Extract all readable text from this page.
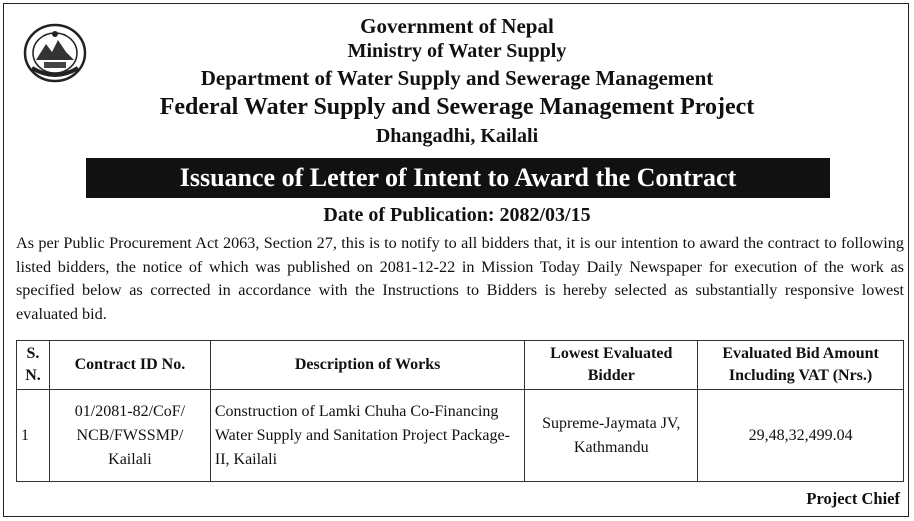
Government of Nepal
Ministry of Water Supply
Department of Water Supply and Sewerage Management
Federal Water Supply and Sewerage Management Project
Dhangadhi, Kailali
Issuance of Letter of Intent to Award the Contract
Date of Publication: 2082/03/15
As per Public Procurement Act 2063, Section 27, this is to notify to all bidders that, it is our intention to award the contract to following listed bidders, the notice of which was published on 2081-12-22 in Mission Today Daily Newspaper for execution of the work as specified below as corrected in accordance with the Instructions to Bidders is hereby selected as substantially responsive lowest evaluated bid.
S. N.	Contract ID No.	Description of Works	Lowest Evaluated Bidder	Evaluated Bid Amount Including VAT (Nrs.)
1	01/2081-82/CoF/ NCB/FWSSMP/ Kailali	Construction of Lamki Chuha Co-Financing Water Supply and Sanitation Project Package-II, Kailali	Supreme-Jaymata JV, Kathmandu	29,48,32,499.04
Project Chief
